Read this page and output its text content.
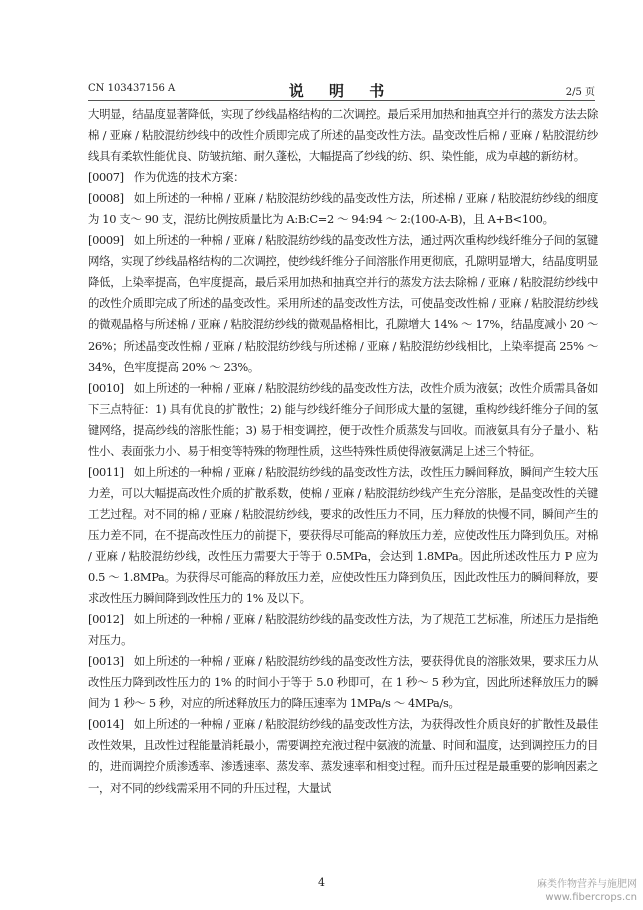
CN 103437156 A	说 明 书	2/5 页

大明显，结晶度显著降低，实现了纱线晶格结构的二次调控。最后采用加热和抽真空并行的蒸发方法去除棉 / 亚麻 / 粘胶混纺纱线中的改性介质即完成了所述的晶变改性方法。晶变改性后棉 / 亚麻 / 粘胶混纺纱线具有柔软性能优良、防皱抗缩、耐久蓬松，大幅提高了纱线的纺、织、染性能，成为卓越的新纺材。

[0007] 作为优选的技术方案：

[0008] 如上所述的一种棉 / 亚麻 / 粘胶混纺纱线的晶变改性方法，所述棉 / 亚麻 / 粘胶混纺纱线的细度为 10 支～ 90 支，混纺比例按质量比为 A:B:C=2 ～ 94:94 ～ 2:(100-A-B)，且 A+B<100。

[0009] 如上所述的一种棉 / 亚麻 / 粘胶混纺纱线的晶变改性方法，通过两次重构纱线纤维分子间的氢键网络，实现了纱线晶格结构的二次调控，使纱线纤维分子间溶胀作用更彻底，孔隙明显增大，结晶度明显降低，上染率提高，色牢度提高，最后采用加热和抽真空并行的蒸发方法去除棉 / 亚麻 / 粘胶混纺纱线中的改性介质即完成了所述的晶变改性。采用所述的晶变改性方法，可使晶变改性棉 / 亚麻 / 粘胶混纺纱线的微观晶格与所述棉 / 亚麻 / 粘胶混纺纱线的微观晶格相比，孔隙增大 14% ～ 17%，结晶度减小 20 ～ 26%；所述晶变改性棉 / 亚麻 / 粘胶混纺纱线与所述棉 / 亚麻 / 粘胶混纺纱线相比，上染率提高 25% ～ 34%，色牢度提高 20% ～ 23%。

[0010] 如上所述的一种棉 / 亚麻 / 粘胶混纺纱线的晶变改性方法，改性介质为液氨；改性介质需具备如下三点特征：1) 具有优良的扩散性；2) 能与纱线纤维分子间形成大量的氢键，重构纱线纤维分子间的氢键网络，提高纱线的溶胀性能；3) 易于相变调控，便于改性介质蒸发与回收。而液氨具有分子量小、粘性小、表面张力小、易于相变等特殊的物理性质，这些特殊性质使得液氨满足上述三个特征。

[0011] 如上所述的一种棉 / 亚麻 / 粘胶混纺纱线的晶变改性方法，改性压力瞬间释放，瞬间产生较大压力差，可以大幅提高改性介质的扩散系数，使棉 / 亚麻 / 粘胶混纺纱线产生充分溶胀，是晶变改性的关键工艺过程。对不同的棉 / 亚麻 / 粘胶混纺纱线，要求的改性压力不同，压力释放的快慢不同，瞬间产生的压力差不同，在不提高改性压力的前提下，要获得尽可能高的释放压力差，应使改性压力降到负压。对棉 / 亚麻 / 粘胶混纺纱线，改性压力需要大于等于 0.5MPa，会达到 1.8MPa。因此所述改性压力 P 应为 0.5 ～ 1.8MPa。为获得尽可能高的释放压力差，应使改性压力降到负压，因此改性压力的瞬间释放，要求改性压力瞬间降到改性压力的 1% 及以下。

[0012] 如上所述的一种棉 / 亚麻 / 粘胶混纺纱线的晶变改性方法，为了规范工艺标准，所述压力是指绝对压力。

[0013] 如上所述的一种棉 / 亚麻 / 粘胶混纺纱线的晶变改性方法，要获得优良的溶胀效果，要求压力从改性压力降到改性压力的 1% 的时间小于等于 5.0 秒即可，在 1 秒～ 5 秒为宜，因此所述释放压力的瞬间为 1 秒～ 5 秒，对应的所述释放压力的降压速率为 1MPa/s ～ 4MPa/s。

[0014] 如上所述的一种棉 / 亚麻 / 粘胶混纺纱线的晶变改性方法，为获得改性介质良好的扩散性及最佳改性效果，且改性过程能量消耗最小，需要调控充液过程中氨液的流量、时间和温度，达到调控压力的目的，进而调控介质渗透率、渗透速率、蒸发率、蒸发速率和相变过程。而升压过程是最重要的影响因素之一，对不同的纱线需采用不同的升压过程，大量试

4	麻类作物营养与施肥网
www.fibercrops.cn
